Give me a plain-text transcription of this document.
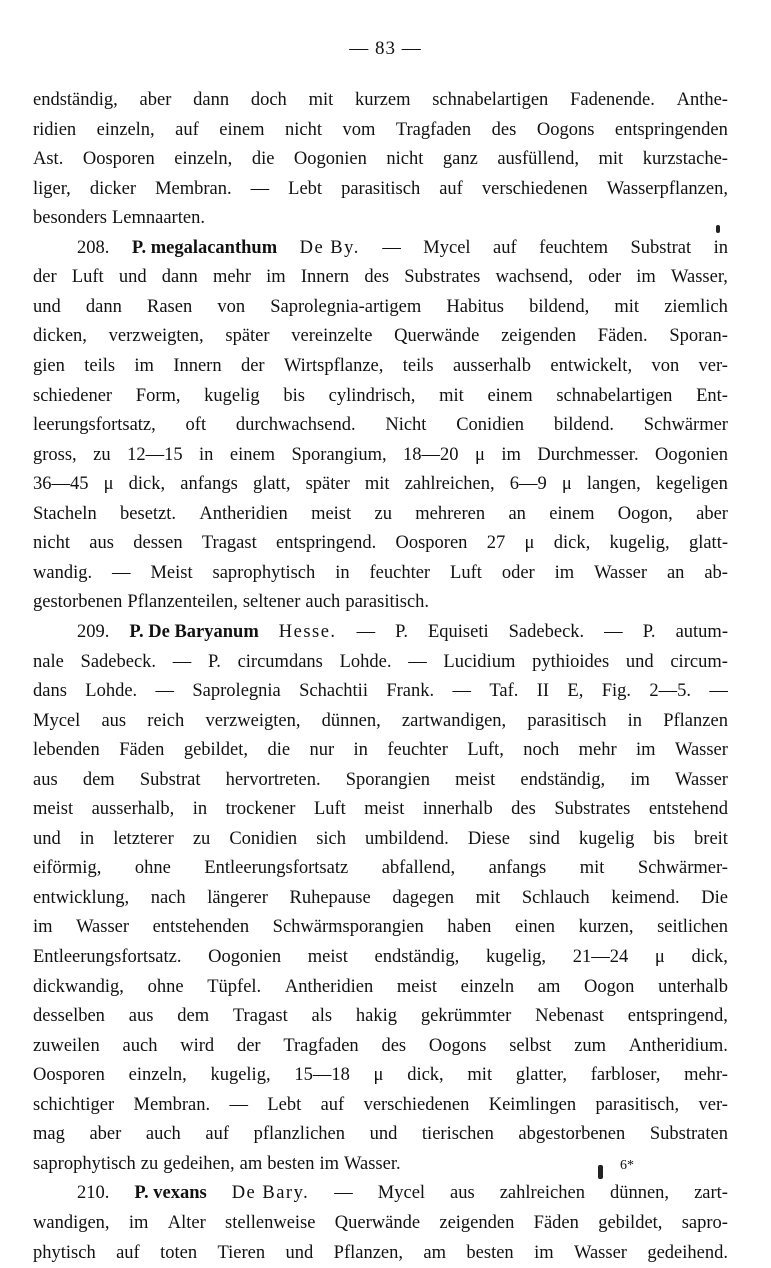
— 83 —
endständig, aber dann doch mit kurzem schnabelartigen Fadenende. Anthe-
ridien einzeln, auf einem nicht vom Tragfaden des Oogons entspringenden
Ast. Oosporen einzeln, die Oogonien nicht ganz ausfüllend, mit kurzstache-
liger, dicker Membran. — Lebt parasitisch auf verschiedenen Wasserpflanzen,
besonders Lemnaarten.
208. P. megalacanthum De By. — Mycel auf feuchtem Substrat in
der Luft und dann mehr im Innern des Substrates wachsend, oder im Wasser,
und dann Rasen von Saprolegnia-artigem Habitus bildend, mit ziemlich
dicken, verzweigten, später vereinzelte Querwände zeigenden Fäden. Sporan-
gien teils im Innern der Wirtspflanze, teils ausserhalb entwickelt, von ver-
schiedener Form, kugelig bis cylindrisch, mit einem schnabelartigen Ent-
leerungsfortsatz, oft durchwachsend. Nicht Conidien bildend. Schwärmer
gross, zu 12—15 in einem Sporangium, 18—20 μ im Durchmesser. Oogonien
36—45 μ dick, anfangs glatt, später mit zahlreichen, 6—9 μ langen, kegeligen
Stacheln besetzt. Antheridien meist zu mehreren an einem Oogon, aber
nicht aus dessen Tragast entspringend. Oosporen 27 μ dick, kugelig, glatt-
wandig. — Meist saprophytisch in feuchter Luft oder im Wasser an ab-
gestorbenen Pflanzenteilen, seltener auch parasitisch.
209. P. De Baryanum Hesse. — P. Equiseti Sadebeck. — P. autum-
nale Sadebeck. — P. circumdans Lohde. — Lucidium pythioides und circum-
dans Lohde. — Saprolegnia Schachtii Frank. — Taf. II E, Fig. 2—5. —
Mycel aus reich verzweigten, dünnen, zartwandigen, parasitisch in Pflanzen
lebenden Fäden gebildet, die nur in feuchter Luft, noch mehr im Wasser
aus dem Substrat hervortreten. Sporangien meist endständig, im Wasser
meist ausserhalb, in trockener Luft meist innerhalb des Substrates entstehend
und in letzterer zu Conidien sich umbildend. Diese sind kugelig bis breit
eiförmig, ohne Entleerungsfortsatz abfallend, anfangs mit Schwärmer-
entwicklung, nach längerer Ruhepause dagegen mit Schlauch keimend. Die
im Wasser entstehenden Schwärmsporangien haben einen kurzen, seitlichen
Entleerungsfortsatz. Oogonien meist endständig, kugelig, 21—24 μ dick,
dickwandig, ohne Tüpfel. Antheridien meist einzeln am Oogon unterhalb
desselben aus dem Tragast als hakig gekrümmter Nebenast entspringend,
zuweilen auch wird der Tragfaden des Oogons selbst zum Antheridium.
Oosporen einzeln, kugelig, 15—18 μ dick, mit glatter, farbloser, mehr-
schichtiger Membran. — Lebt auf verschiedenen Keimlingen parasitisch, ver-
mag aber auch auf pflanzlichen und tierischen abgestorbenen Substraten
saprophytisch zu gedeihen, am besten im Wasser.
210. P. vexans De Bary. — Mycel aus zahlreichen dünnen, zart-
wandigen, im Alter stellenweise Querwände zeigenden Fäden gebildet, sapro-
phytisch auf toten Tieren und Pflanzen, am besten im Wasser gedeihend.
6*
